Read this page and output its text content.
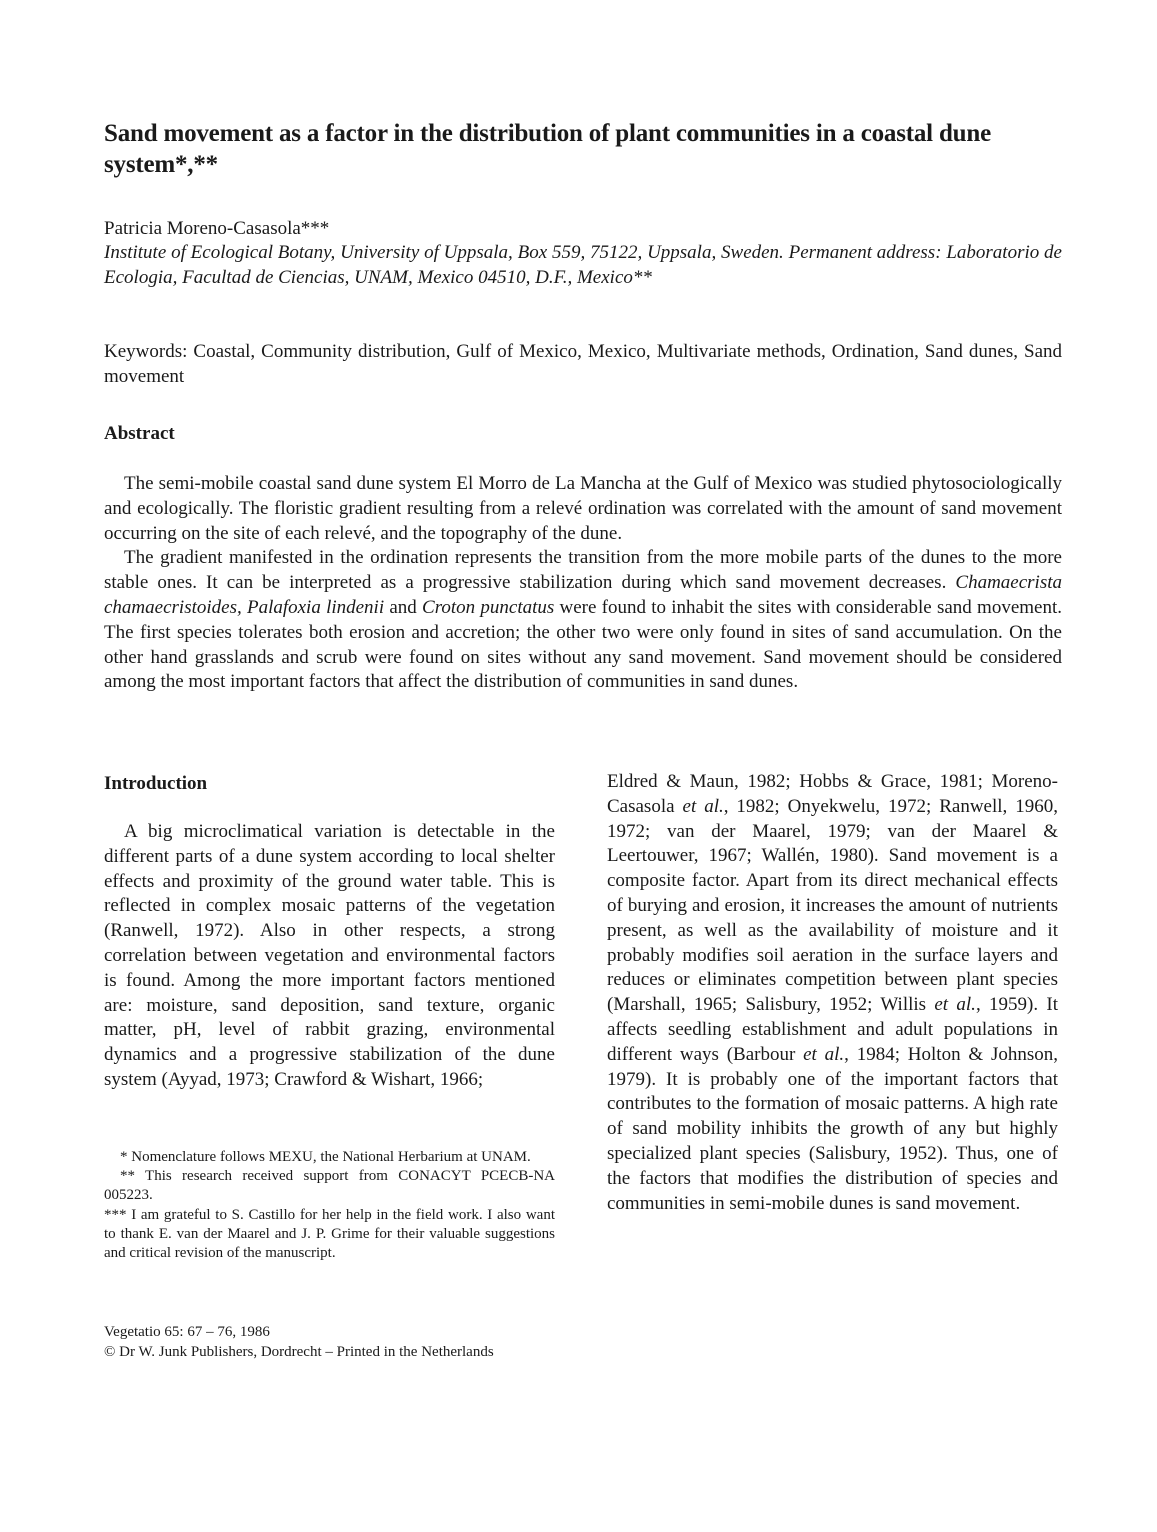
Sand movement as a factor in the distribution of plant communities in a coastal dune system*,**
Patricia Moreno-Casasola***
Institute of Ecological Botany, University of Uppsala, Box 559, 75122, Uppsala, Sweden. Permanent address: Laboratorio de Ecologia, Facultad de Ciencias, UNAM, Mexico 04510, D.F., Mexico**
Keywords: Coastal, Community distribution, Gulf of Mexico, Mexico, Multivariate methods, Ordination, Sand dunes, Sand movement
Abstract

The semi-mobile coastal sand dune system El Morro de La Mancha at the Gulf of Mexico was studied phytosociologically and ecologically. The floristic gradient resulting from a relevé ordination was correlated with the amount of sand movement occurring on the site of each relevé, and the topography of the dune.

The gradient manifested in the ordination represents the transition from the more mobile parts of the dunes to the more stable ones. It can be interpreted as a progressive stabilization during which sand movement decreases. Chamaecrista chamaecristoides, Palafoxia lindenii and Croton punctatus were found to inhabit the sites with considerable sand movement. The first species tolerates both erosion and accretion; the other two were only found in sites of sand accumulation. On the other hand grasslands and scrub were found on sites without any sand movement. Sand movement should be considered among the most important factors that affect the distribution of communities in sand dunes.

Introduction

A big microclimatical variation is detectable in the different parts of a dune system according to local shelter effects and proximity of the ground water table. This is reflected in complex mosaic patterns of the vegetation (Ranwell, 1972). Also in other respects, a strong correlation between vegetation and environmental factors is found. Among the more important factors mentioned are: moisture, sand deposition, sand texture, organic matter, pH, level of rabbit grazing, environmental dynamics and a progressive stabilization of the dune system (Ayyad, 1973; Crawford & Wishart, 1966;

Eldred & Maun, 1982; Hobbs & Grace, 1981; Moreno-Casasola et al., 1982; Onyekwelu, 1972; Ranwell, 1960, 1972; van der Maarel, 1979; van der Maarel & Leertouwer, 1967; Wallén, 1980). Sand movement is a composite factor. Apart from its direct mechanical effects of burying and erosion, it increases the amount of nutrients present, as well as the availability of moisture and it probably modifies soil aeration in the surface layers and reduces or eliminates competition between plant species (Marshall, 1965; Salisbury, 1952; Willis et al., 1959). It affects seedling establishment and adult populations in different ways (Barbour et al., 1984; Holton & Johnson, 1979). It is probably one of the important factors that contributes to the formation of mosaic patterns. A high rate of sand mobility inhibits the growth of any but highly specialized plant species (Salisbury, 1952). Thus, one of the factors that modifies the distribution of species and communities in semi-mobile dunes is sand movement.

* Nomenclature follows MEXU, the National Herbarium at UNAM.

** This research received support from CONACYT PCECB-NA 005223.

*** I am grateful to S. Castillo for her help in the field work. I also want to thank E. van der Maarel and J. P. Grime for their valuable suggestions and critical revision of the manuscript.

Vegetatio 65: 67 – 76, 1986
© Dr W. Junk Publishers, Dordrecht – Printed in the Netherlands
